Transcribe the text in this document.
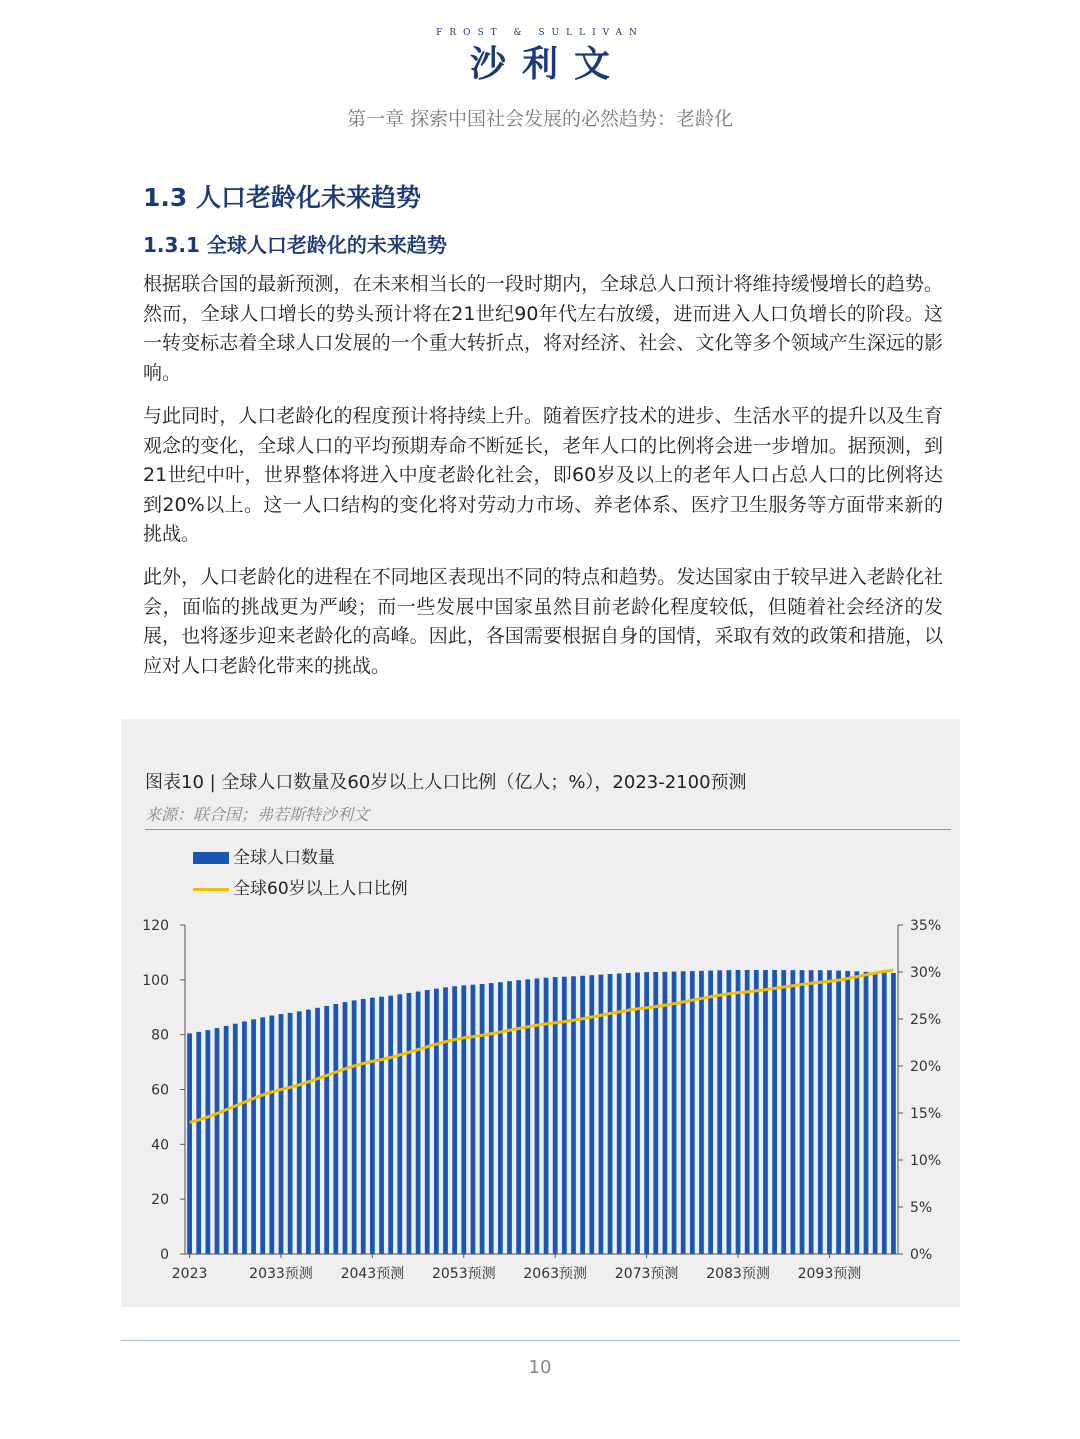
FROST & SULLIVAN
沙利文
第一章 探索中国社会发展的必然趋势：老龄化
1.3 人口老龄化未来趋势
1.3.1 全球人口老龄化的未来趋势

根据联合国的最新预测，在未来相当长的一段时期内，全球总人口预计将维持缓慢增长的趋势。然而，全球人口增长的势头预计将在21世纪90年代左右放缓，进而进入人口负增长的阶段。这一转变标志着全球人口发展的一个重大转折点，将对经济、社会、文化等多个领域产生深远的影响。

与此同时，人口老龄化的程度预计将持续上升。随着医疗技术的进步、生活水平的提升以及生育观念的变化，全球人口的平均预期寿命不断延长，老年人口的比例将会进一步增加。据预测，到21世纪中叶，世界整体将进入中度老龄化社会，即60岁及以上的老年人口占总人口的比例将达到20%以上。这一人口结构的变化将对劳动力市场、养老体系、医疗卫生服务等方面带来新的挑战。

此外，人口老龄化的进程在不同地区表现出不同的特点和趋势。发达国家由于较早进入老龄化社会，面临的挑战更为严峻；而一些发展中国家虽然目前老龄化程度较低，但随着社会经济的发展，也将逐步迎来老龄化的高峰。因此，各国需要根据自身的国情，采取有效的政策和措施，以应对人口老龄化带来的挑战。

图表10 | 全球人口数量及60岁以上人口比例（亿人；%），2023-2100预测
来源：联合国；弗若斯特沙利文
全球人口数量
全球60岁以上人口比例
0
20
40
60
80
100
120
0%
5%
10%
15%
20%
25%
30%
35%
2023	2033预测 2043预测 2053预测 2063预测 2073预测 2083预测 2093预测
10
